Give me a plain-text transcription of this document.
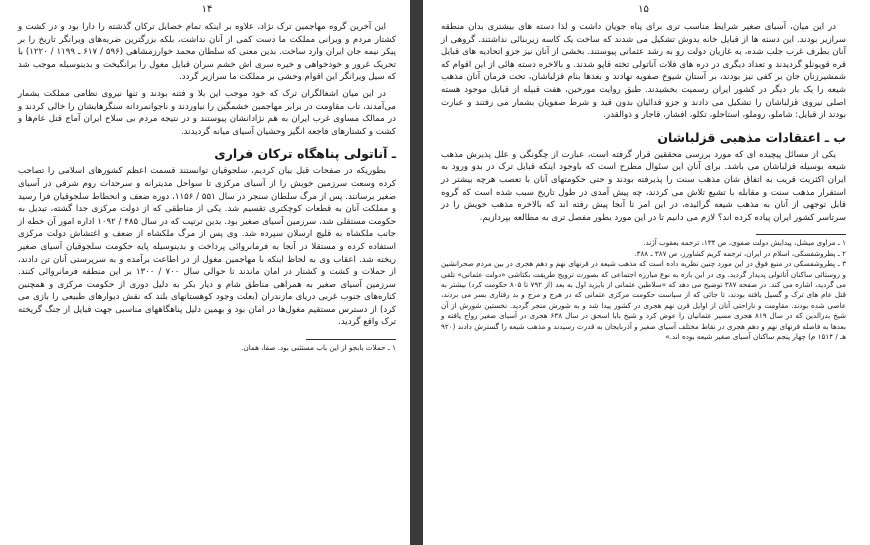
۱۴

این آخرین گروه مهاجمین ترک نژاد، علاوه بر اینکه تمام خصایل ترکان گذشته را دارا بود و در کشت و کشتار مردم و ویرانی مملکت ما دست کمی از آنان نداشت، بلکه بزرگترین ضربه‌های ویرانگر تاریخ را بر پیکر نیمه جان ایران وارد ساخت. بدین معنی که سلطان محمد خوارزمشاهی (۵۹۶ / ۶۱۷ ـ ۱۱۹۹ / ۱۲۲۰) با تحریک غرور و خودخواهی و خیره سری اش خشم سران قبایل مغول را برانگیخت و بدینوسیله موجب شد که سیل ویرانگر این اقوام وحشی بر مملکت ما سرازیر گردد.

در این میان اشغالگران ترک که خود موجب این بلا و فتنه بودند و تنها نیروی نظامی مملکت بشمار می‌آمدند، تاب مقاومت در برابر مهاجمین خشمگین را نیاوردند و ناجوانمردانه سنگرهایشان را خالی کردند و در ممالک مساوی غرب ایران به هم نژادانشان پیوستند و در نتیجه مردم بی سلاح ایران آماج قتل عام‌ها و کشت و کشتارهای فاجعه انگیز وحشیان آسیای میانه گردیدند.

ـ آناتولی پناهگاه ترکان فراری

بطوریکه در صفحات قبل بیان کردیم، سلجوقیان توانستند قسمت اعظم کشورهای اسلامی را تصاحب کرده وسعت سرزمین خویش را از آسیای مرکزی تا سواحل مدیترانه و سرحدات روم شرقی در آسیای صغیر برسانند. پس از مرگ سلطان سنجر در سال ۵۵۱ / ۱۱۵۶، دوره ضعف و انحطاط سلجوقیان فرا رسید و مملکت آنان به قطعات کوچکتری تقسیم شد. یکی از مناطقی که از دولت مرکزی جدا گشته، تبدیل به حکومت مستقلی شد، سرزمین آسیای صغیر بود. بدین ترتیب که در سال ۴۸۵ / ۱۰۹۲ اداره امور آن خطه از جانب ملکشاه به قلیچ ارسلان سپرده شد. وی پس از مرگ ملکشاه از ضعف و اغتشاش دولت مرکزی استفاده کرده و مستقلا در آنجا به فرمانروائی پرداخت و بدینوسیله پایه حکومت سلجوقیان آسیای صغیر ریخته شد. اعقاب وی به لحاظ اینکه با مهاجمین مغول از در اطاعت برآمده و به سرپرستی آنان تن دادند، از حملات و کشت و کشتار در امان ماندند تا حوالی سال ۷۰۰ / ۱۳۰۰ بر این منطقه فرمانروائی کنند. سرزمین آسیای صغیر به همراهی مناطق شام و دیار بکر به دلیل دوری از حکومت مرکزی و همچنین کناره‌های جنوب غربی دریای مازندران (بعلت وجود کوهستانهای بلند که نقش دیوارهای طبیعی را بازی می کرد) از دسترس مستقیم مغول‌ها در امان بود و بهمین دلیل پناهگاههای مناسبی جهت قبایل از جنگ گریخته ترک واقع گردید.

۱ ـ حملات بابجو از این باب مستثنی بود. صفا، همان.

۱۵

در این میان، آسیای صغیر شرایط مناسب تری برای پناه جویان داشت و لذا دسته های بیشتری بدان منطقه سرازیر بودند. این دسته ها از قبایل خانه بدوش تشکیل می شدند که ساخت یک کاسه زیربنائی نداشتند. گروهی از آنان بطرف غرب جلب شده، به غازیان دولت رو به رشد عثمانی پیوستند. بخشی از آنان نیز جزو اتحادیه های قبایل قره قویونلو گردیدند و تعداد دیگری در دره های فلات آناتولی تخته قاپو شدند. و بالاخره دسته هائی از این اقوام که شمشیرزنان جان بر کفی نیز بودند، بر آستان شیوخ صفویه نهادند و بعدها بنام قزلباشان، تحت فرمان آنان مذهب شیعه را یک بار دیگر در کشور ایران رسمیت بخشیدند. طبق روایت مورخین، هفت قبیله از قبایل موجود هسته اصلی نیروی قزلباشان را تشکیل می دادند و جزو قدائیان بدون قید و شرط صفویان بشمار می رفتند و عبارت بودند از قبایل: شاملو، روملو، استاجلو، تکلو، افشار، قاجار و ذوالقدر.

ب ـ اعتقادات مذهبی قزلباشان

یکی از مسائل پیچیده ای که مورد بررسی محققین قرار گرفته است، عبارت از چگونگی و علل پذیرش مذهب شیعه بوسیله قزلباشان می باشد. برای آنان این سئوال مطرح است که باوجود اینکه قبایل ترک در بدو ورود به ایران اکثریت قریب به اتفاق شان مذهب سنت را پذیرفته بودند و حتی حکومتهای آنان با تعصب هرچه بیشتر در استقرار مذهب سنت و مقابله با تشیع تلاش می کردند، چه پیش آمدی در طول تاریخ سبب شده است که گروه قابل توجهی از آنان به مذهب شیعه گرائیده، در این امر تا آنجا پیش رفته اند که بالاخره مذهب خویش را در سرتاسر کشور ایران پیاده کرده اند؟ لازم می دانیم تا در این مورد بطور مفصل تری به مطالعه بپردازیم.

۱ ـ مزاوی میشل، پیدایش دولت صفوی، ص ۱۳۴، ترجمه یعقوب آژند.

۲ ـ پطروشفسکی، اسلام در ایران، ترجمه کریم کشاورز، ص ۳۸۷ ـ ۳۸۸.

۳ ـ پطروشفسکی در منبع فوق در این مورد چنین نظریه داده است که مذهب شیعه در قرنهای نهم و دهم هجری در بین مردم صحرانشین و روستائی ساکنان آناتولی پدیدار گردید. وی در این باره به نوع مبارزه اجتماعی که بصورت ترویج طریقت بکتاشی «دولت عثمانی» تلقی می گردید، اشاره می کند. در صفحه ۳۸۷ توضیح می دهد که «سلاطین عثمانی از بایزید اول به بعد (از ۷۹۲ تا ۸۰۵ حکومت کرد) بیشتر به قتل عام های ترک و گسیل یافته بودند، تا جائی که از سیاست حکومت مرکزی عثمانی که در هرج و مرج و بد رفتاری بسر می بردند، عاصی شده بودند. مقاومت و ناراحتی آنان از اوایل قرن نهم هجری در کشور پیدا شد و به شورش منجر گردید. نخستین شورش از آن شیخ بدرالدین که در سال ۸۱۹ هجری مسیر عثمانیان را عوض کرد و شیخ بابا اسحق در سال ۶۳۸ هجری در آسیای صغیر رواج یافته و بعدها به فاصله قرنهای نهم و دهم هجری در نقاط مختلف آسیای صغیر و آذربایجان به قدرت رسیدند و مذهب شیعه را گسترش دادند (۹۲۰ هـ / ۱۵۱۴ م) چهار پنجم ساکنان آسیای صغیر شیعه بوده اند.»
